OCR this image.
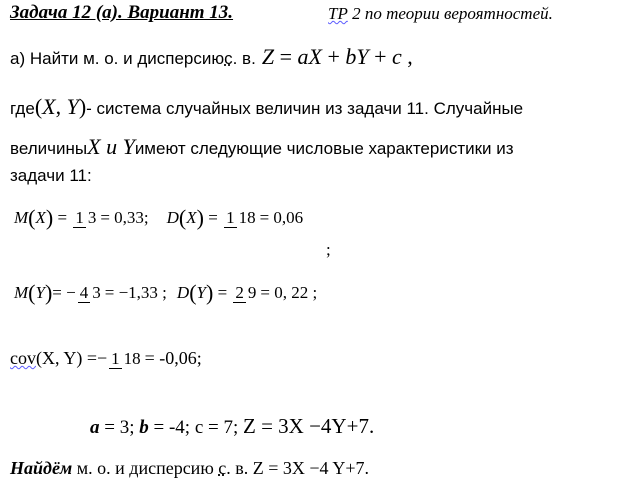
Задача 12 (а). Вариант 13.	ТР 2 по теории вероятностей.
а) Найти м. о. и дисперсию с . в. Z = aX + bY + c ,
где (X, Y) - система случайных величин из задачи 11. Случайные
величины X и Y имеют следующие числовые характеристики из
задачи 11:
M ( X ) = 1 3 = 0,33 ; D ( X ) = 1 18 = 0,06
;
M ( Y ) = − 4 3 = −1,33
; D ( Y ) = 2 9 = 0, 22
;
cov (X, Y) = − 1 18 = -0,06;
a = 3; b = -4; c = 7; Z = 3X −4Y+7.
Найдём м. о. и дисперсию с. в. Z = 3X −4 Y+7.
